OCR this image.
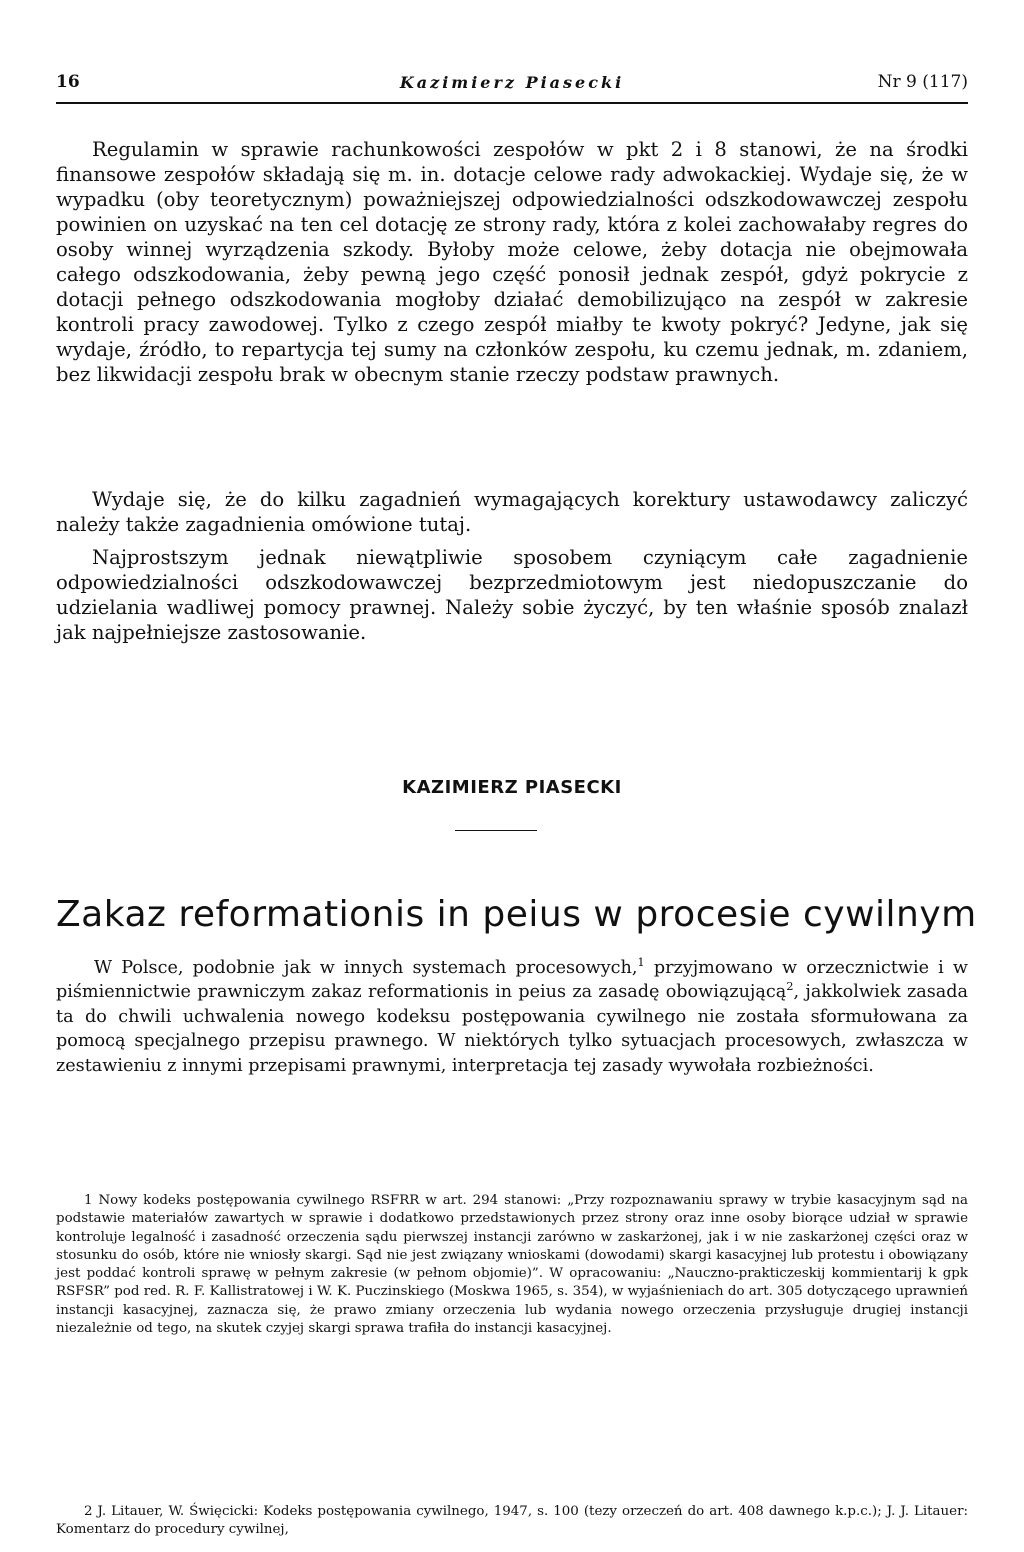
16	Kazimierz Piasecki	Nr 9 (117)

Regulamin w sprawie rachunkowości zespołów w pkt 2 i 8 stanowi, że na środki finansowe zespołów składają się m. in. dotacje celowe rady adwokackiej. Wydaje się, że w wypadku (oby teoretycznym) poważniejszej odpowiedzialności odszkodowawczej zespołu powinien on uzyskać na ten cel dotację ze strony rady, która z kolei zachowałaby regres do osoby winnej wyrządzenia szkody. Byłoby może celowe, żeby dotacja nie obejmowała całego odszkodowania, żeby pewną jego część ponosił jednak zespół, gdyż pokrycie z dotacji pełnego odszkodowania mogłoby działać demobilizująco na zespół w zakresie kontroli pracy zawodowej. Tylko z czego zespół miałby te kwoty pokryć? Jedyne, jak się wydaje, źródło, to repartycja tej sumy na członków zespołu, ku czemu jednak, m. zdaniem, bez likwidacji zespołu brak w obecnym stanie rzeczy podstaw prawnych.

Wydaje się, że do kilku zagadnień wymagających korektury ustawodawcy zaliczyć należy także zagadnienia omówione tutaj.

Najprostszym jednak niewątpliwie sposobem czyniącym całe zagadnienie odpowiedzialności odszkodowawczej bezprzedmiotowym jest niedopuszczanie do udzielania wadliwej pomocy prawnej. Należy sobie życzyć, by ten właśnie sposób znalazł jak najpełniejsze zastosowanie.

KAZIMIERZ PIASECKI
Zakaz reformationis in peius w procesie cywilnym

W Polsce, podobnie jak w innych systemach procesowych,$^1$ przyjmowano w orzecznictwie i w piśmiennictwie prawniczym zakaz reformationis in peius za zasadę obowiązującą$^2$, jakkolwiek zasada ta do chwili uchwalenia nowego kodeksu postępowania cywilnego nie została sformułowana za pomocą specjalnego przepisu prawnego. W niektórych tylko sytuacjach procesowych, zwłaszcza w zestawieniu z innymi przepisami prawnymi, interpretacja tej zasady wywołała rozbieżności.

1 Nowy kodeks postępowania cywilnego RSFRR w art. 294 stanowi: „Przy rozpoznawaniu sprawy w trybie kasacyjnym sąd na podstawie materiałów zawartych w sprawie i dodatkowo przedstawionych przez strony oraz inne osoby biorące udział w sprawie kontroluje legalność i zasadność orzeczenia sądu pierwszej instancji zarówno w zaskarżonej, jak i w nie zaskarżonej części oraz w stosunku do osób, które nie wniosły skargi. Sąd nie jest związany wnioskami (dowodami) skargi kasacyjnej lub protestu i obowiązany jest poddać kontroli sprawę w pełnym zakresie (w pełnom objomie)”. W opracowaniu: „Nauczno-prakticzeskij kommientarij k gpk RSFSR” pod red. R. F. Kallistratowej i W. K. Puczinskiego (Moskwa 1965, s. 354), w wyjaśnieniach do art. 305 dotyczącego uprawnień instancji kasacyjnej, zaznacza się, że prawo zmiany orzeczenia lub wydania nowego orzeczenia przysługuje drugiej instancji niezależnie od tego, na skutek czyjej skargi sprawa trafiła do instancji kasacyjnej.

2 J. Litauer, W. Święcicki: Kodeks postępowania cywilnego, 1947, s. 100 (tezy orzeczeń do art. 408 dawnego k.p.c.); J. J. Litauer: Komentarz do procedury cywilnej,
